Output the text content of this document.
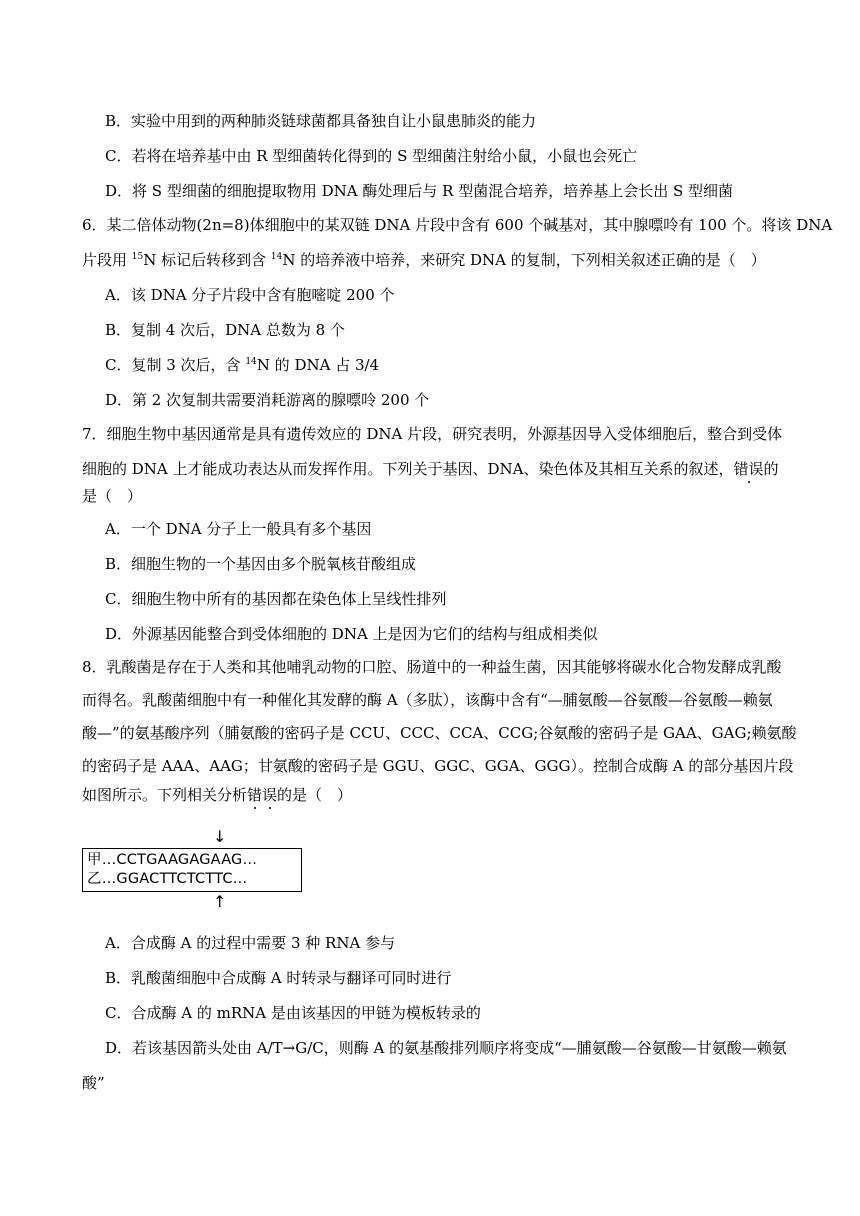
B．实验中用到的两种肺炎链球菌都具备独自让小鼠患肺炎的能力
C．若将在培养基中由 R 型细菌转化得到的 S 型细菌注射给小鼠，小鼠也会死亡
D．将 S 型细菌的细胞提取物用 DNA 酶处理后与 R 型菌混合培养，培养基上会长出 S 型细菌
6．某二倍体动物(2n=8)体细胞中的某双链 DNA 片段中含有 600 个碱基对，其中腺嘌呤有 100 个。将该 DNA
片段用 $^{15}$N 标记后转移到含 $^{14}$N 的培养液中培养，来研究 DNA 的复制，下列相关叙述正确的是（　）
A．该 DNA 分子片段中含有胞嘧啶 200 个
B．复制 4 次后，DNA 总数为 8 个
C．复制 3 次后，含 $^{14}$N 的 DNA 占 3/4
D．第 2 次复制共需要消耗游离的腺嘌呤 200 个
7．细胞生物中基因通常是具有遗传效应的 DNA 片段，研究表明，外源基因导入受体细胞后，整合到受体
细胞的 DNA 上才能成功表达从而发挥作用。下列关于基因、DNA、染色体及其相互关系的叙述，错误的
是（　）
A．一个 DNA 分子上一般具有多个基因
B．细胞生物的一个基因由多个脱氧核苷酸组成
C．细胞生物中所有的基因都在染色体上呈线性排列
D．外源基因能整合到受体细胞的 DNA 上是因为它们的结构与组成相类似
8．乳酸菌是存在于人类和其他哺乳动物的口腔、肠道中的一种益生菌，因其能够将碳水化合物发酵成乳酸
而得名。乳酸菌细胞中有一种催化其发酵的酶 A（多肽），该酶中含有“—脯氨酸—谷氨酸—谷氨酸—赖氨
酸—”的氨基酸序列（脯氨酸的密码子是 CCU、CCC、CCA、CCG;谷氨酸的密码子是 GAA、GAG;赖氨酸
的密码子是 AAA、AAG；甘氨酸的密码子是 GGU、GGC、GGA、GGG）。控制合成酶 A 的部分基因片段
如图所示。下列相关分析错误的是（　）
↓
甲…CCTGAAGAGAAG…
乙…GGACTTCTCTTC…
↑
A．合成酶 A 的过程中需要 3 种 RNA 参与
B．乳酸菌细胞中合成酶 A 时转录与翻译可同时进行
C．合成酶 A 的 mRNA 是由该基因的甲链为模板转录的
D．若该基因箭头处由 A/T→G/C，则酶 A 的氨基酸排列顺序将变成“—脯氨酸—谷氨酸—甘氨酸—赖氨
酸”
